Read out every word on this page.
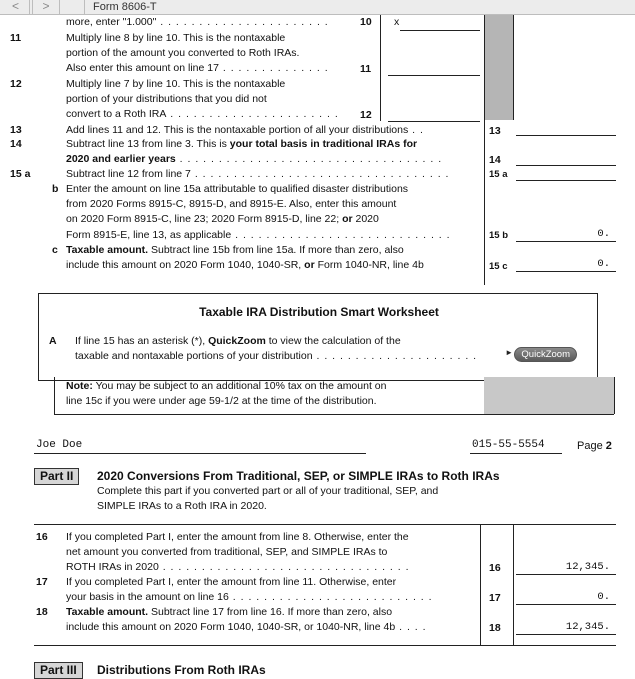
<	>	Form 8606-T
more, enter "1.000" . . . . . . . . . . . . . . . . . . . . . .	10 x
11	Multiply line 8 by line 10. This is the nontaxable
portion of the amount you converted to Roth IRAs.
Also enter this amount on line 17 . . . . . . . . . . . . . .	11
12	Multiply line 7 by line 10. This is the nontaxable
portion of your distributions that you did not
convert to a Roth IRA . . . . . . . . . . . . . . . . . . . . . . 12
13	Add lines 11 and 12. This is the nontaxable portion of all your distributions . .	13
14	Subtract line 13 from line 3. This is your total basis in traditional IRAs for
2020 and earlier years . . . . . . . . . . . . . . . . . . . . . . . . . . . . . . . . . .	14
15 a	Subtract line 12 from line 7 . . . . . . . . . . . . . . . . . . . . . . . . . . . . . . . . .	15 a
b Enter the amount on line 15a attributable to qualified disaster distributions
from 2020 Forms 8915-C, 8915-D, and 8915-E. Also, enter this amount
on 2020 Form 8915-C, line 23; 2020 Form 8915-D, line 22; or 2020
Form 8915-E, line 13, as applicable . . . . . . . . . . . . . . . . . . . . . . . . . . . .	15 b	0.
c Taxable amount. Subtract line 15b from line 15a. If more than zero, also
include this amount on 2020 Form 1040, 1040-SR, or Form 1040-NR, line 4b	15 c	0.
Taxable IRA Distribution Smart Worksheet
A If line 15 has an asterisk (*), QuickZoom to view the calculation of the
taxable and nontaxable portions of your distribution . . . . . . . . . . . . . . . . . . . . .	► QuickZoom
Note: You may be subject to an additional 10% tax on the amount on
line 15c if you were under age 59-1/2 at the time of the distribution.
Joe Doe	015-55-5554	Page 2
Part II	2020 Conversions From Traditional, SEP, or SIMPLE IRAs to Roth IRAs
Complete this part if you converted part or all of your traditional, SEP, and
SIMPLE IRAs to a Roth IRA in 2020.
16 If you completed Part I, enter the amount from line 8. Otherwise, enter the
net amount you converted from traditional, SEP, and SIMPLE IRAs to
ROTH IRAs in 2020 . . . . . . . . . . . . . . . . . . . . . . . . . . . . . . . .	16	12,345.
17 If you completed Part I, enter the amount from line 11. Otherwise, enter
your basis in the amount on line 16 . . . . . . . . . . . . . . . . . . . . . . . . . .	17	0.
18 Taxable amount. Subtract line 17 from line 16. If more than zero, also
include this amount on 2020 Form 1040, 1040-SR, or 1040-NR, line 4b . . . .	18	12,345.
Part III	Distributions From Roth IRAs
